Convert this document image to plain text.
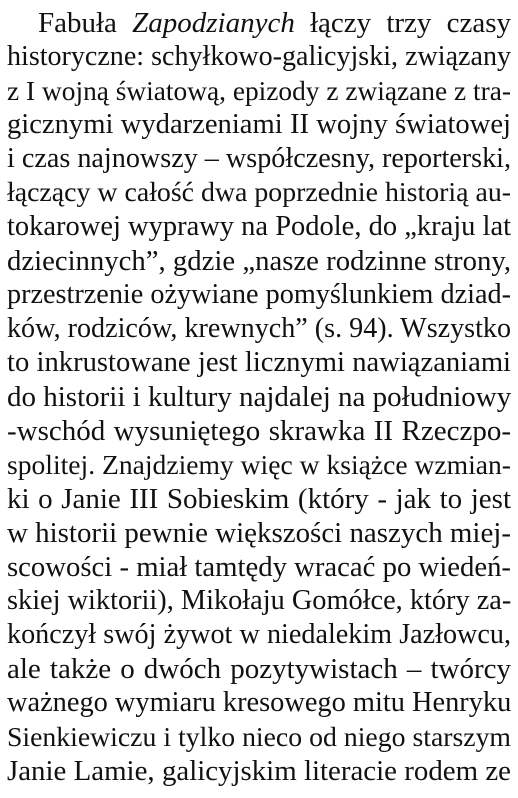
Fabuła Zapodzianych łączy trzy czasy
historyczne: schyłkowo-galicyjski, związany
z I wojną światową, epizody z związane z tra-
gicznymi wydarzeniami II wojny światowej
i czas najnowszy – współczesny, reporterski,
łączący w całość dwa poprzednie historią au-
tokarowej wyprawy na Podole, do „kraju lat
dziecinnych”, gdzie „nasze rodzinne strony,
przestrzenie ożywiane pomyślunkiem dziad-
ków, rodziców, krewnych” (s. 94). Wszystko
to inkrustowane jest licznymi nawiązaniami
do historii i kultury najdalej na południowy
-wschód wysuniętego skrawka II Rzeczpo-
spolitej. Znajdziemy więc w książce wzmian-
ki o Janie III Sobieskim (który - jak to jest
w historii pewnie większości naszych miej-
scowości - miał tamtędy wracać po wiedeń-
skiej wiktorii), Mikołaju Gomółce, który za-
kończył swój żywot w niedalekim Jazłowcu,
ale także o dwóch pozytywistach – twórcy
ważnego wymiaru kresowego mitu Henryku
Sienkiewiczu i tylko nieco od niego starszym
Janie Lamie, galicyjskim literacie rodem ze
